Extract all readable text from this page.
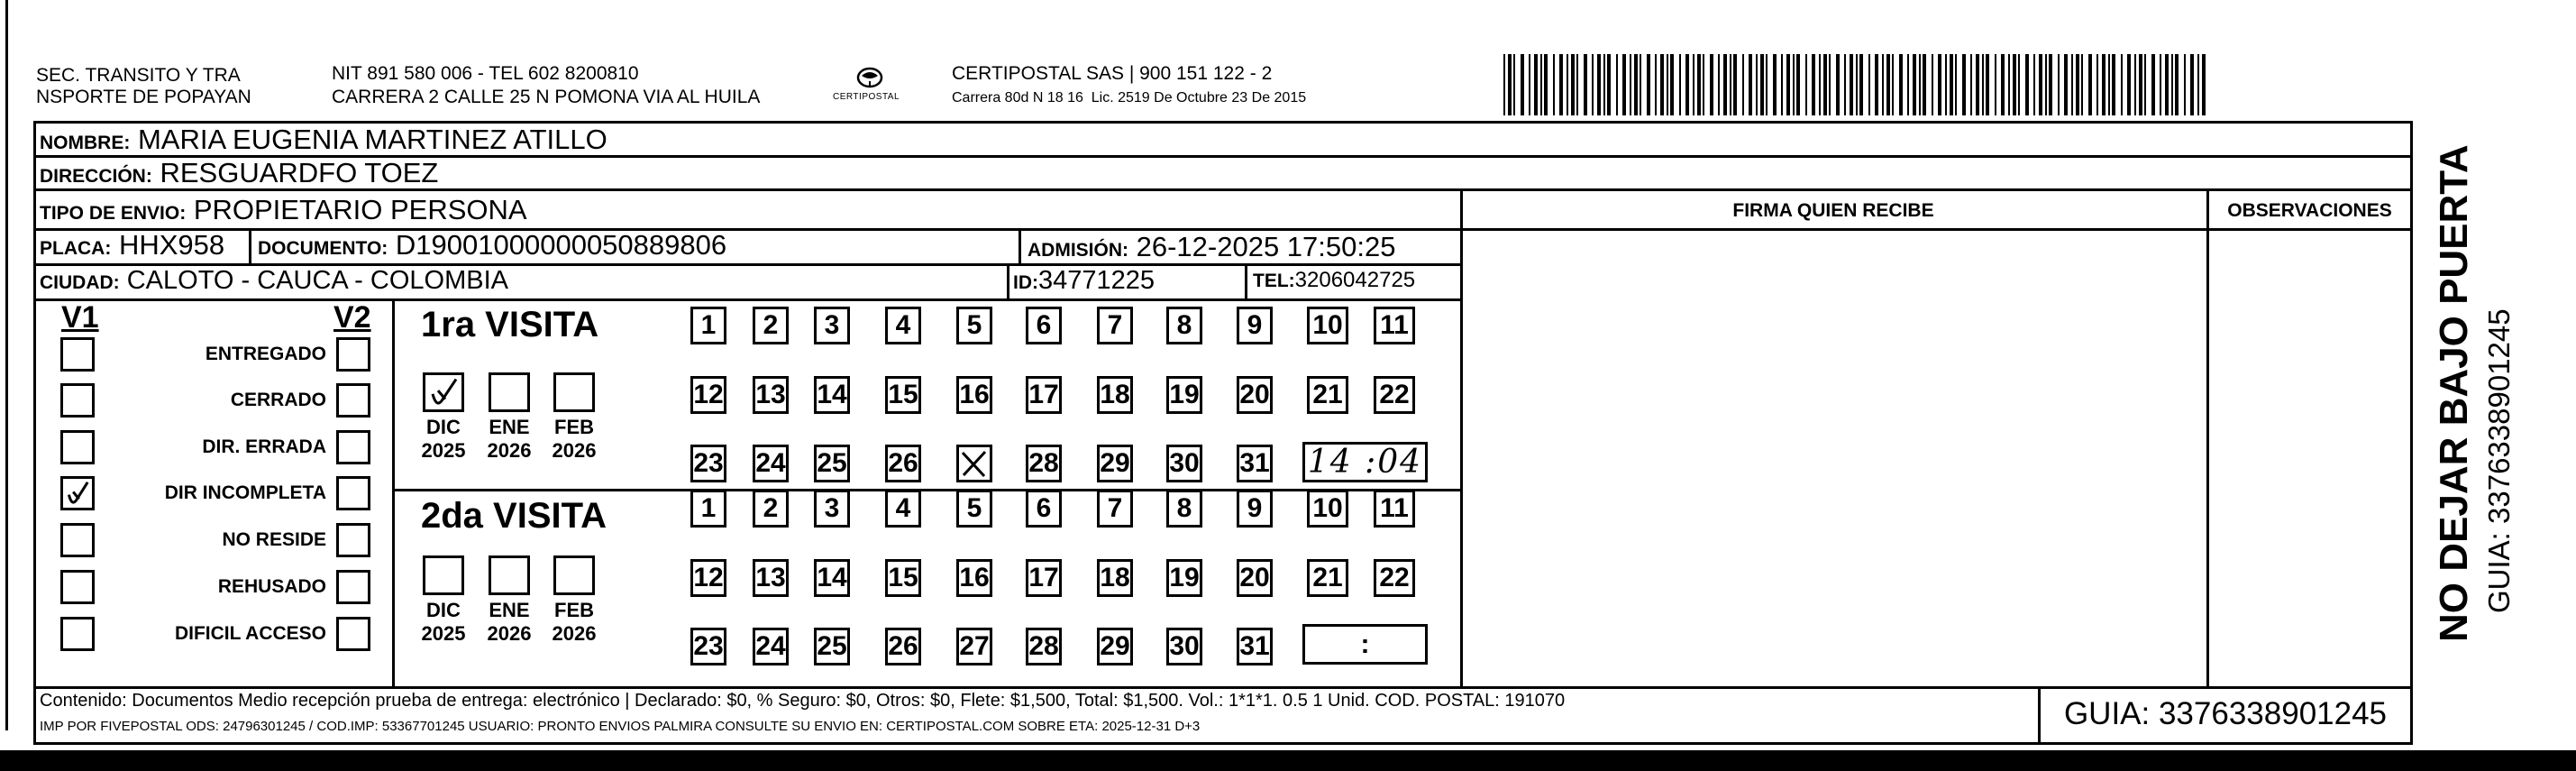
SEC. TRANSITO Y TRA
NSPORTE DE POPAYAN
NIT 891 580 006 - TEL 602 8200810
CARRERA 2 CALLE 25 N POMONA VIA AL HUILA	CERTIPOSTAL
CERTIPOSTAL SAS | 900 151 122 - 2
Carrera 80d N 18 16  Lic. 2519 De Octubre 23 De 2015
NOMBRE: MARIA EUGENIA MARTINEZ ATILLO
DIRECCIÓN: RESGUARDFO TOEZ
TIPO DE ENVIO: PROPIETARIO PERSONA	FIRMA QUIEN RECIBE	OBSERVACIONES
PLACA: HHX958 DOCUMENTO: D19001000000050889806	ADMISIÓN: 26-12-2025 17:50:25
CIUDAD: CALOTO - CAUCA - COLOMBIA	ID:34771225	TEL:3206042725
V1	V2
ENTREGADO
CERRADO
DIR. ERRADA
DIR INCOMPLETA
NO RESIDE
REHUSADO
DIFICIL ACCESO
1ra VISITA
2da VISITA
DIC
2025
ENE
2026
FEB
2026
DIC
2025
ENE
2026
FEB
2026
1	2	3	4	5	6	7	8	9	10 11
12 13 14 15 16 17 18 19 20 21 22
23 24 25 26	28 29 30 31
1	2	3	4	5	6	7	8	9	10 11
12 13 14 15 16 17 18 19 20 21 22
23 24 25 26 27 28 29 30 31
14 :04
:
Contenido: Documentos Medio recepción prueba de entrega: electrónico | Declarado: $0, % Seguro: $0, Otros: $0, Flete: $1,500, Total: $1,500. Vol.: 1*1*1. 0.5 1 Unid. COD. POSTAL: 191070
IMP POR FIVEPOSTAL ODS: 24796301245 / COD.IMP: 53367701245 USUARIO: PRONTO ENVIOS PALMIRA CONSULTE SU ENVIO EN: CERTIPOSTAL.COM SOBRE ETA: 2025-12-31 D+3	GUIA: 3376338901245
NO DEJAR BAJO PUERTA GUIA: 3376338901245
